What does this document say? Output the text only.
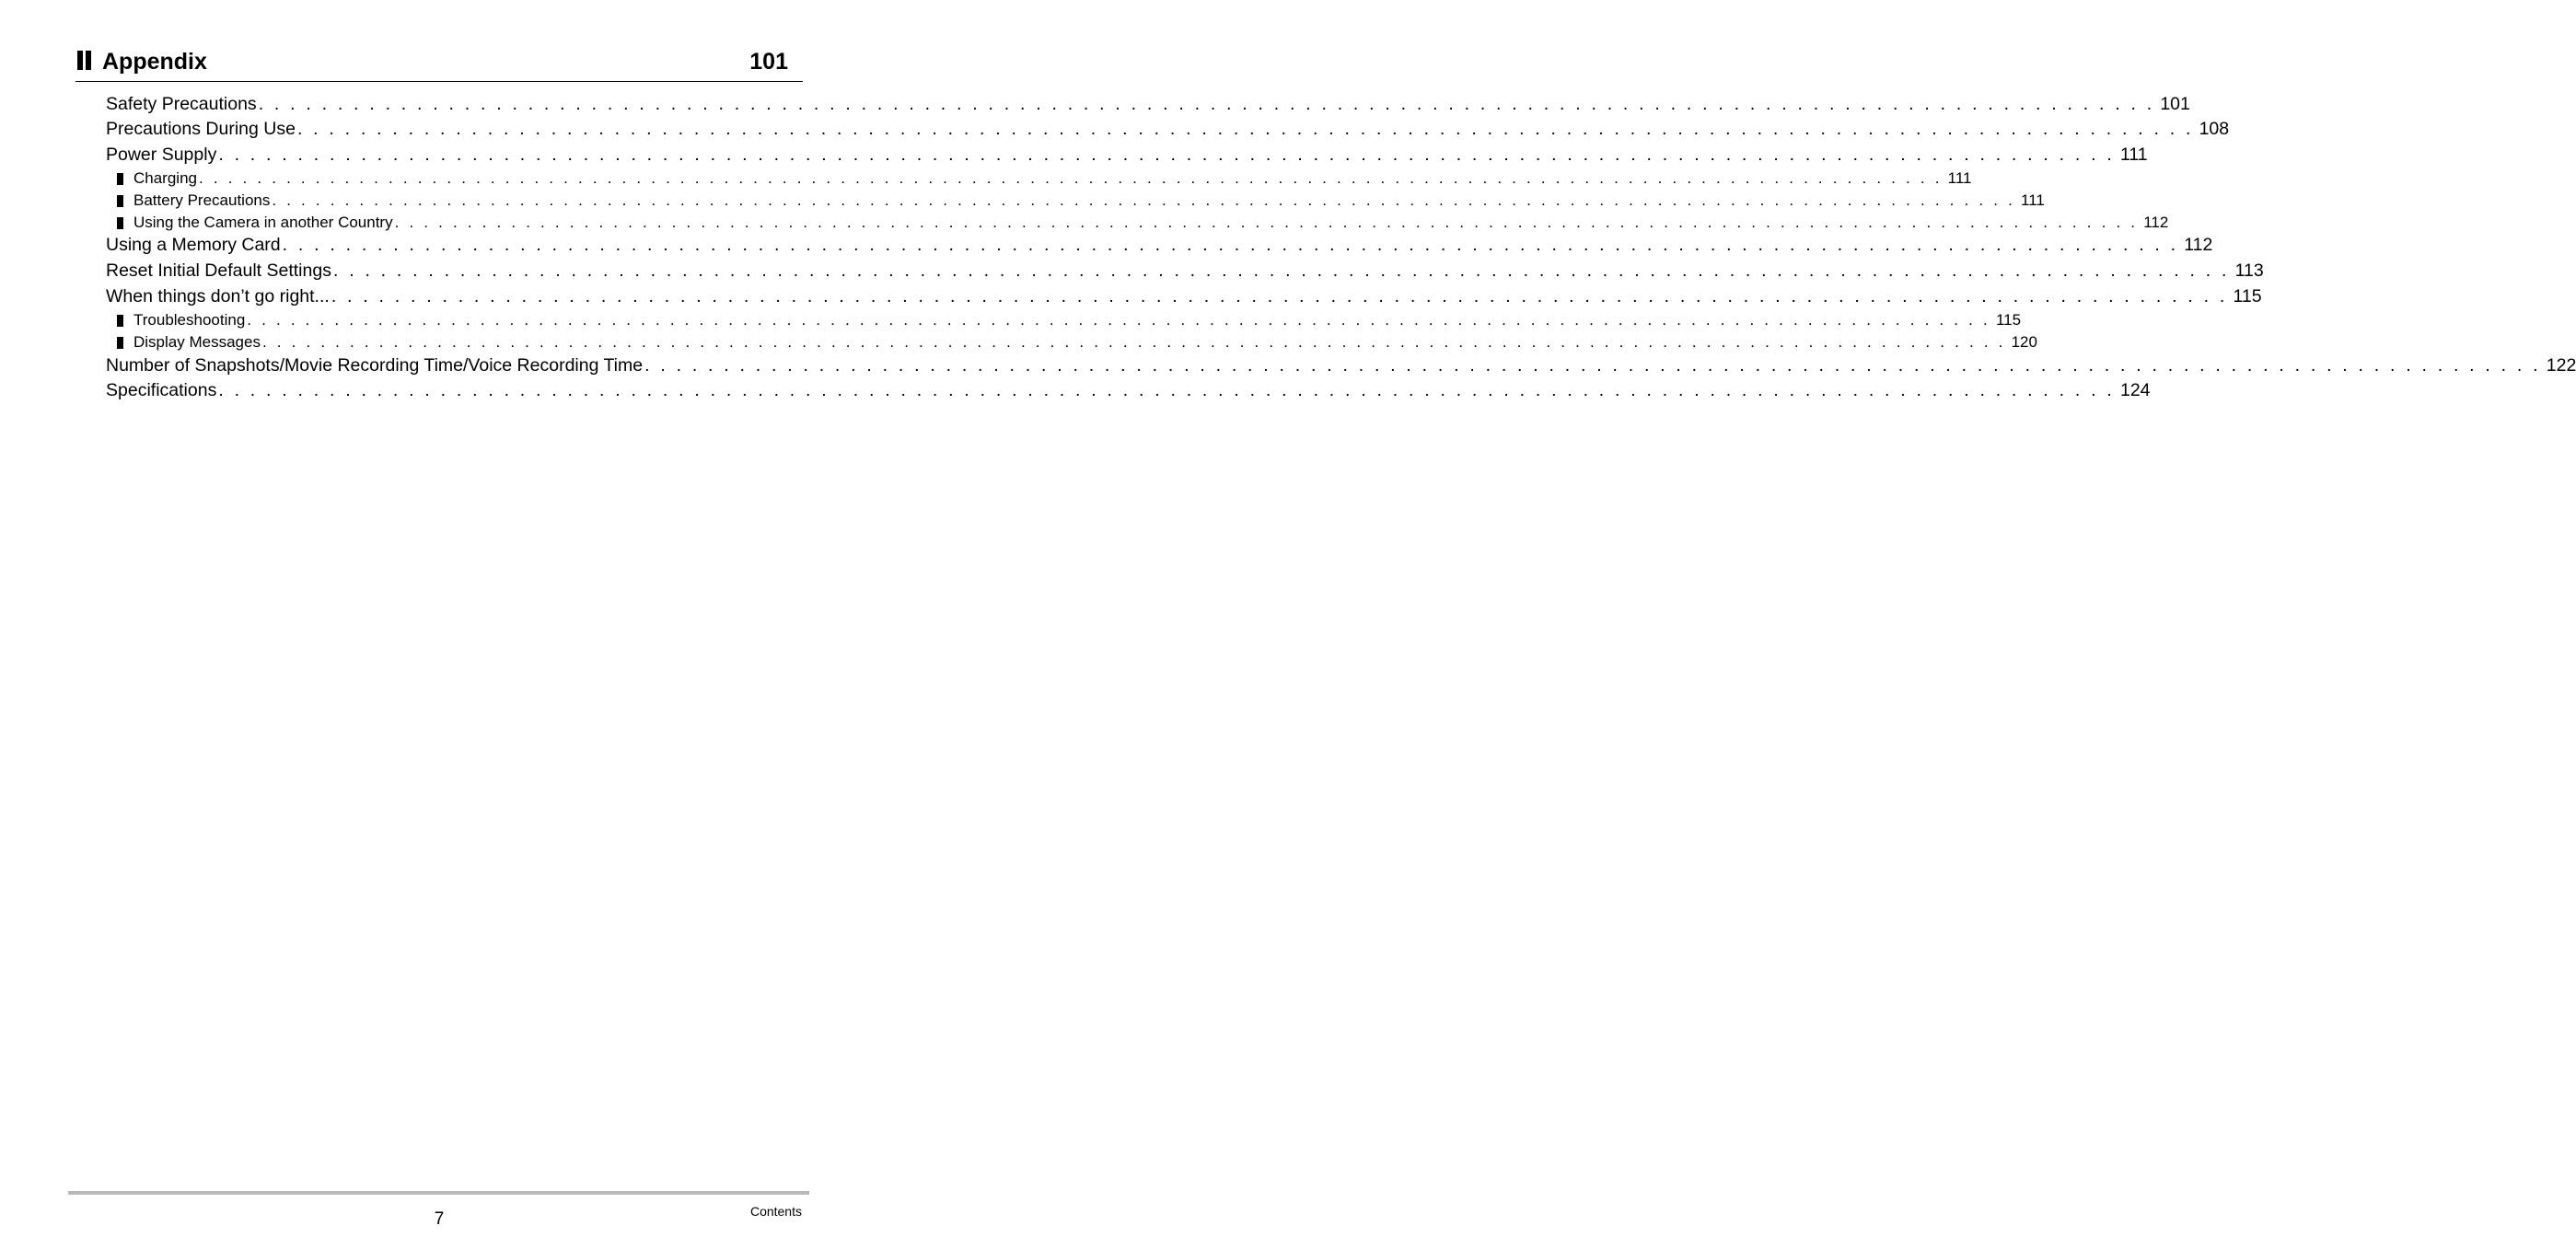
Appendix	101
Safety Precautions . . . . . . . . . . . . . . . . . . . . . . . . . . . . . . . . . . . . . . . . . . . . . . . . . . . . . . . . . . . . . . . . . . . . . . . . . . . . . . . . . . . . . . . . . . . . . . . . . . . . . . . . . . . . . . . . . . . . . . . . 101
Precautions During Use . . . . . . . . . . . . . . . . . . . . . . . . . . . . . . . . . . . . . . . . . . . . . . . . . . . . . . . . . . . . . . . . . . . . . . . . . . . . . . . . . . . . . . . . . . . . . . . . . . . . . . . . . . . . . . . . . . . . . . . . 108
Power Supply . . . . . . . . . . . . . . . . . . . . . . . . . . . . . . . . . . . . . . . . . . . . . . . . . . . . . . . . . . . . . . . . . . . . . . . . . . . . . . . . . . . . . . . . . . . . . . . . . . . . . . . . . . . . . . . . . . . . . . . . 111
Charging . . . . . . . . . . . . . . . . . . . . . . . . . . . . . . . . . . . . . . . . . . . . . . . . . . . . . . . . . . . . . . . . . . . . . . . . . . . . . . . . . . . . . . . . . . . . . . . . . . . . . . . . . . . . . . . . . . . . . . . . 111
Battery Precautions . . . . . . . . . . . . . . . . . . . . . . . . . . . . . . . . . . . . . . . . . . . . . . . . . . . . . . . . . . . . . . . . . . . . . . . . . . . . . . . . . . . . . . . . . . . . . . . . . . . . . . . . . . . . . . . . . . . . . . . . 111
Using the Camera in another Country . . . . . . . . . . . . . . . . . . . . . . . . . . . . . . . . . . . . . . . . . . . . . . . . . . . . . . . . . . . . . . . . . . . . . . . . . . . . . . . . . . . . . . . . . . . . . . . . . . . . . . . . . . . . . . . . . . . . . . . . 112
Using a Memory Card . . . . . . . . . . . . . . . . . . . . . . . . . . . . . . . . . . . . . . . . . . . . . . . . . . . . . . . . . . . . . . . . . . . . . . . . . . . . . . . . . . . . . . . . . . . . . . . . . . . . . . . . . . . . . . . . . . . . . . . . 112
Reset Initial Default Settings . . . . . . . . . . . . . . . . . . . . . . . . . . . . . . . . . . . . . . . . . . . . . . . . . . . . . . . . . . . . . . . . . . . . . . . . . . . . . . . . . . . . . . . . . . . . . . . . . . . . . . . . . . . . . . . . . . . . . . . . 113
When things don’t go right... . . . . . . . . . . . . . . . . . . . . . . . . . . . . . . . . . . . . . . . . . . . . . . . . . . . . . . . . . . . . . . . . . . . . . . . . . . . . . . . . . . . . . . . . . . . . . . . . . . . . . . . . . . . . . . . . . . . . . . . . 115
Troubleshooting . . . . . . . . . . . . . . . . . . . . . . . . . . . . . . . . . . . . . . . . . . . . . . . . . . . . . . . . . . . . . . . . . . . . . . . . . . . . . . . . . . . . . . . . . . . . . . . . . . . . . . . . . . . . . . . . . . . . . . . . 115
Display Messages . . . . . . . . . . . . . . . . . . . . . . . . . . . . . . . . . . . . . . . . . . . . . . . . . . . . . . . . . . . . . . . . . . . . . . . . . . . . . . . . . . . . . . . . . . . . . . . . . . . . . . . . . . . . . . . . . . . . . . . . 120
Number of Snapshots/Movie Recording Time/Voice Recording Time . . . . . . . . . . . . . . . . . . . . . . . . . . . . . . . . . . . . . . . . . . . . . . . . . . . . . . . . . . . . . . . . . . . . . . . . . . . . . . . . . . . . . . . . . . . . . . . . . . . . . . . . . . . . . . . . . . . . . . . . 122
Specifications . . . . . . . . . . . . . . . . . . . . . . . . . . . . . . . . . . . . . . . . . . . . . . . . . . . . . . . . . . . . . . . . . . . . . . . . . . . . . . . . . . . . . . . . . . . . . . . . . . . . . . . . . . . . . . . . . . . . . . . . 124
7	Contents
